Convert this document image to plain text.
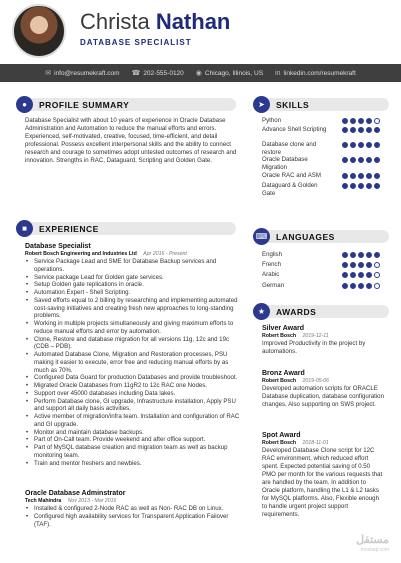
Christa Nathan
DATABASE SPECIALIST
✉ info@resumekraft.com ☎ 202-555-0120 ◉ Chicago, Illinois, US in linkedin.com/resumekraft
●	PROFILE SUMMARY
Database Specialist with about 10 years of experience in Oracle Database Administration and Automation to reduce the manual efforts and errors. Experienced, self-motivated, creative, focused, time-efficient, and detail professional. Possess excellent interpersonal skills and the ability to connect research and courage to sometimes adopt untested outcomes of research and innovation. Strengths in RAC, Dataguard, Scripting and Golden Gate.
■	EXPERIENCE
Database Specialist
Robert Bosch Engineering and Industries Ltd Apr 2016 - Present
• Service Package Lead and SME for Database Backup services and operations.
• Service package Lead for Golden gate services.
• Setup Golden gate replications in oracle.
• Automation Expert - Shell Scripting.
• Saved efforts equal to 2 billing by researching and implementing automated cost-saving initiatives and creating fresh new approaches to long-standing problems.
• Working in multiple projects simultaneously and giving maximum efforts to reduce manual efforts and error by automation.
• Clone, Restore and database migration for all versions 11g, 12c and 19c (CDB – PDB).
• Automated Database Clone, Migration and Restoration processes, PSU making it easier to execute, error free and reducing manual efforts by as much as 70%.
• Configured Data Guard for production Databases and provide troubleshoot.
• Migrated Oracle Databases from 11gR2 to 12c RAC one Nodes.
• Support over 45000 databases including Data lakes.
• Perform Database clone, GI upgrade, Infrastructure installation, Apply PSU and support all daily basis activities.
• Active member of migration/infra team. Installation and configuration of RAC and GI upgrade.
• Monitor and maintain database backups.
• Part of On-Call team. Provide weekend and after office support.
• Part of MySQL database creation and migration team as well as backup monitoring team.
• Train and mentor freshers and newbies.
Oracle Database Adminstrator
Tech Mahindra Nov 2013 - Mar 2016
• Installed & configured 2-Node RAC as well as Non- RAC DB on Linux.
• Configured high availability services for Transparent Application Failover (TAF).
➤	SKILLS
Python
Advance Shell Scripting
Database clone and restore
Oracle Database Migration
Oracle RAC and ASM
Dataguard & Golden Gate
⌨	LANGUAGES
English
French
Arabic
German
★	AWARDS
Silver Award
Robert Bosch 2019-12-11
Improved Productivity in the project by automations.
Bronz Award
Robert Bosch 2019-05-06
Developed automation scripts for ORACLE Database duplication, database configuration changes. Also supporting on SWS project.
Spot Award
Robert Bosch 2018-11-01
Developed Database Clone script for 12C RAC environment, which reduced effort spent. Expected potential saving of 0.50 PMO per month for the various requests that are handled by the team. In addition to Oracle platform, handling the L1 & L2 tasks for MySQL platforms. Also, Flexible enough to handle urgent project support requirements.
مستقل
mostaql.com
